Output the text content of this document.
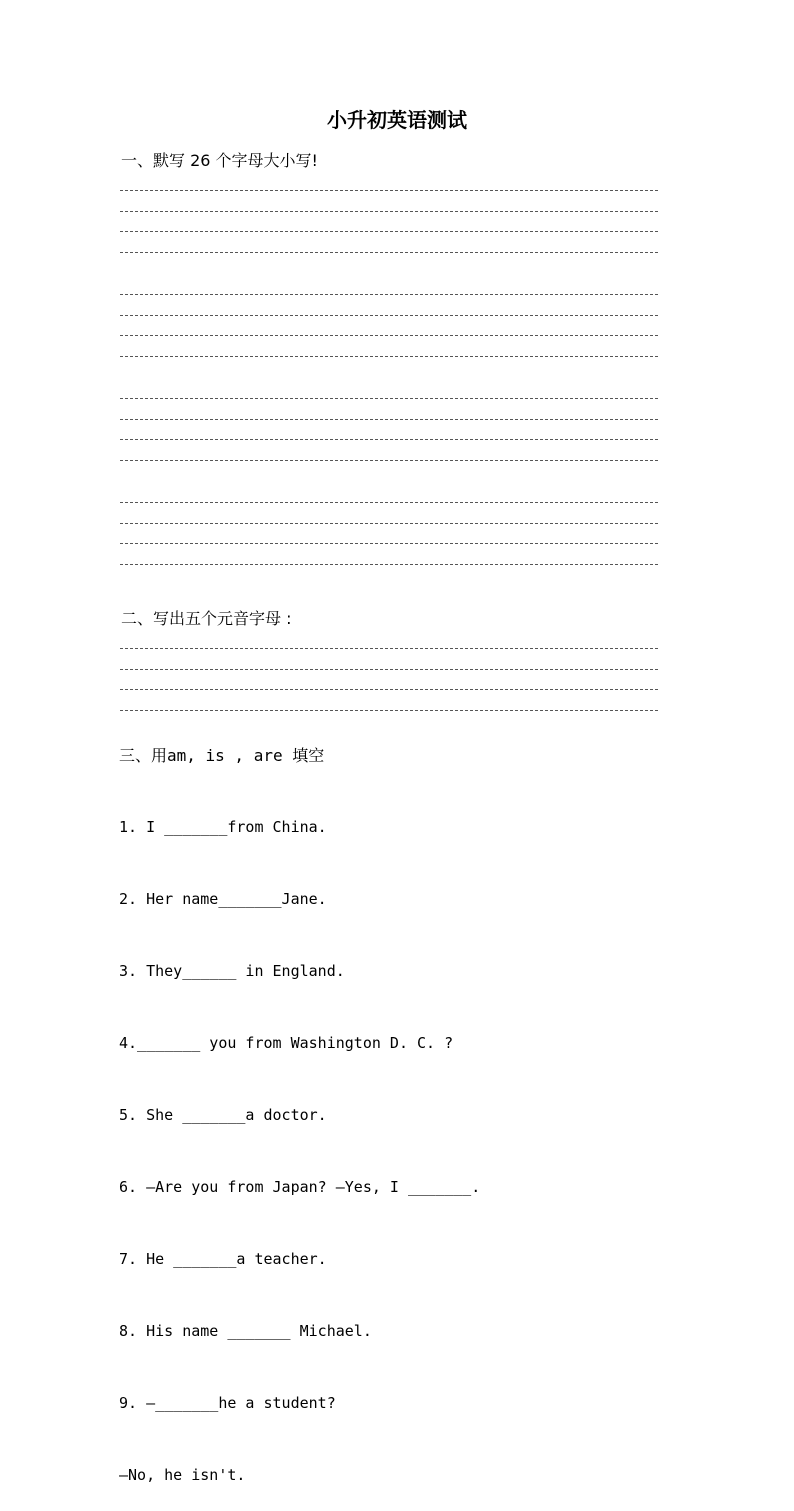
小升初英语测试
一、默写 26 个字母大小写!
二、写出五个元音字母 :
三、用am, is , are 填空

1. I _______from China.

2. Her name_______Jane.

3. They______ in England.

4._______ you from Washington D. C. ?

5. She _______a doctor.

6. —Are you from Japan? —Yes, I _______.

7. He _______a teacher.

8. His name _______ Michael.

9. —_______he a student?

—No, he isn't.
